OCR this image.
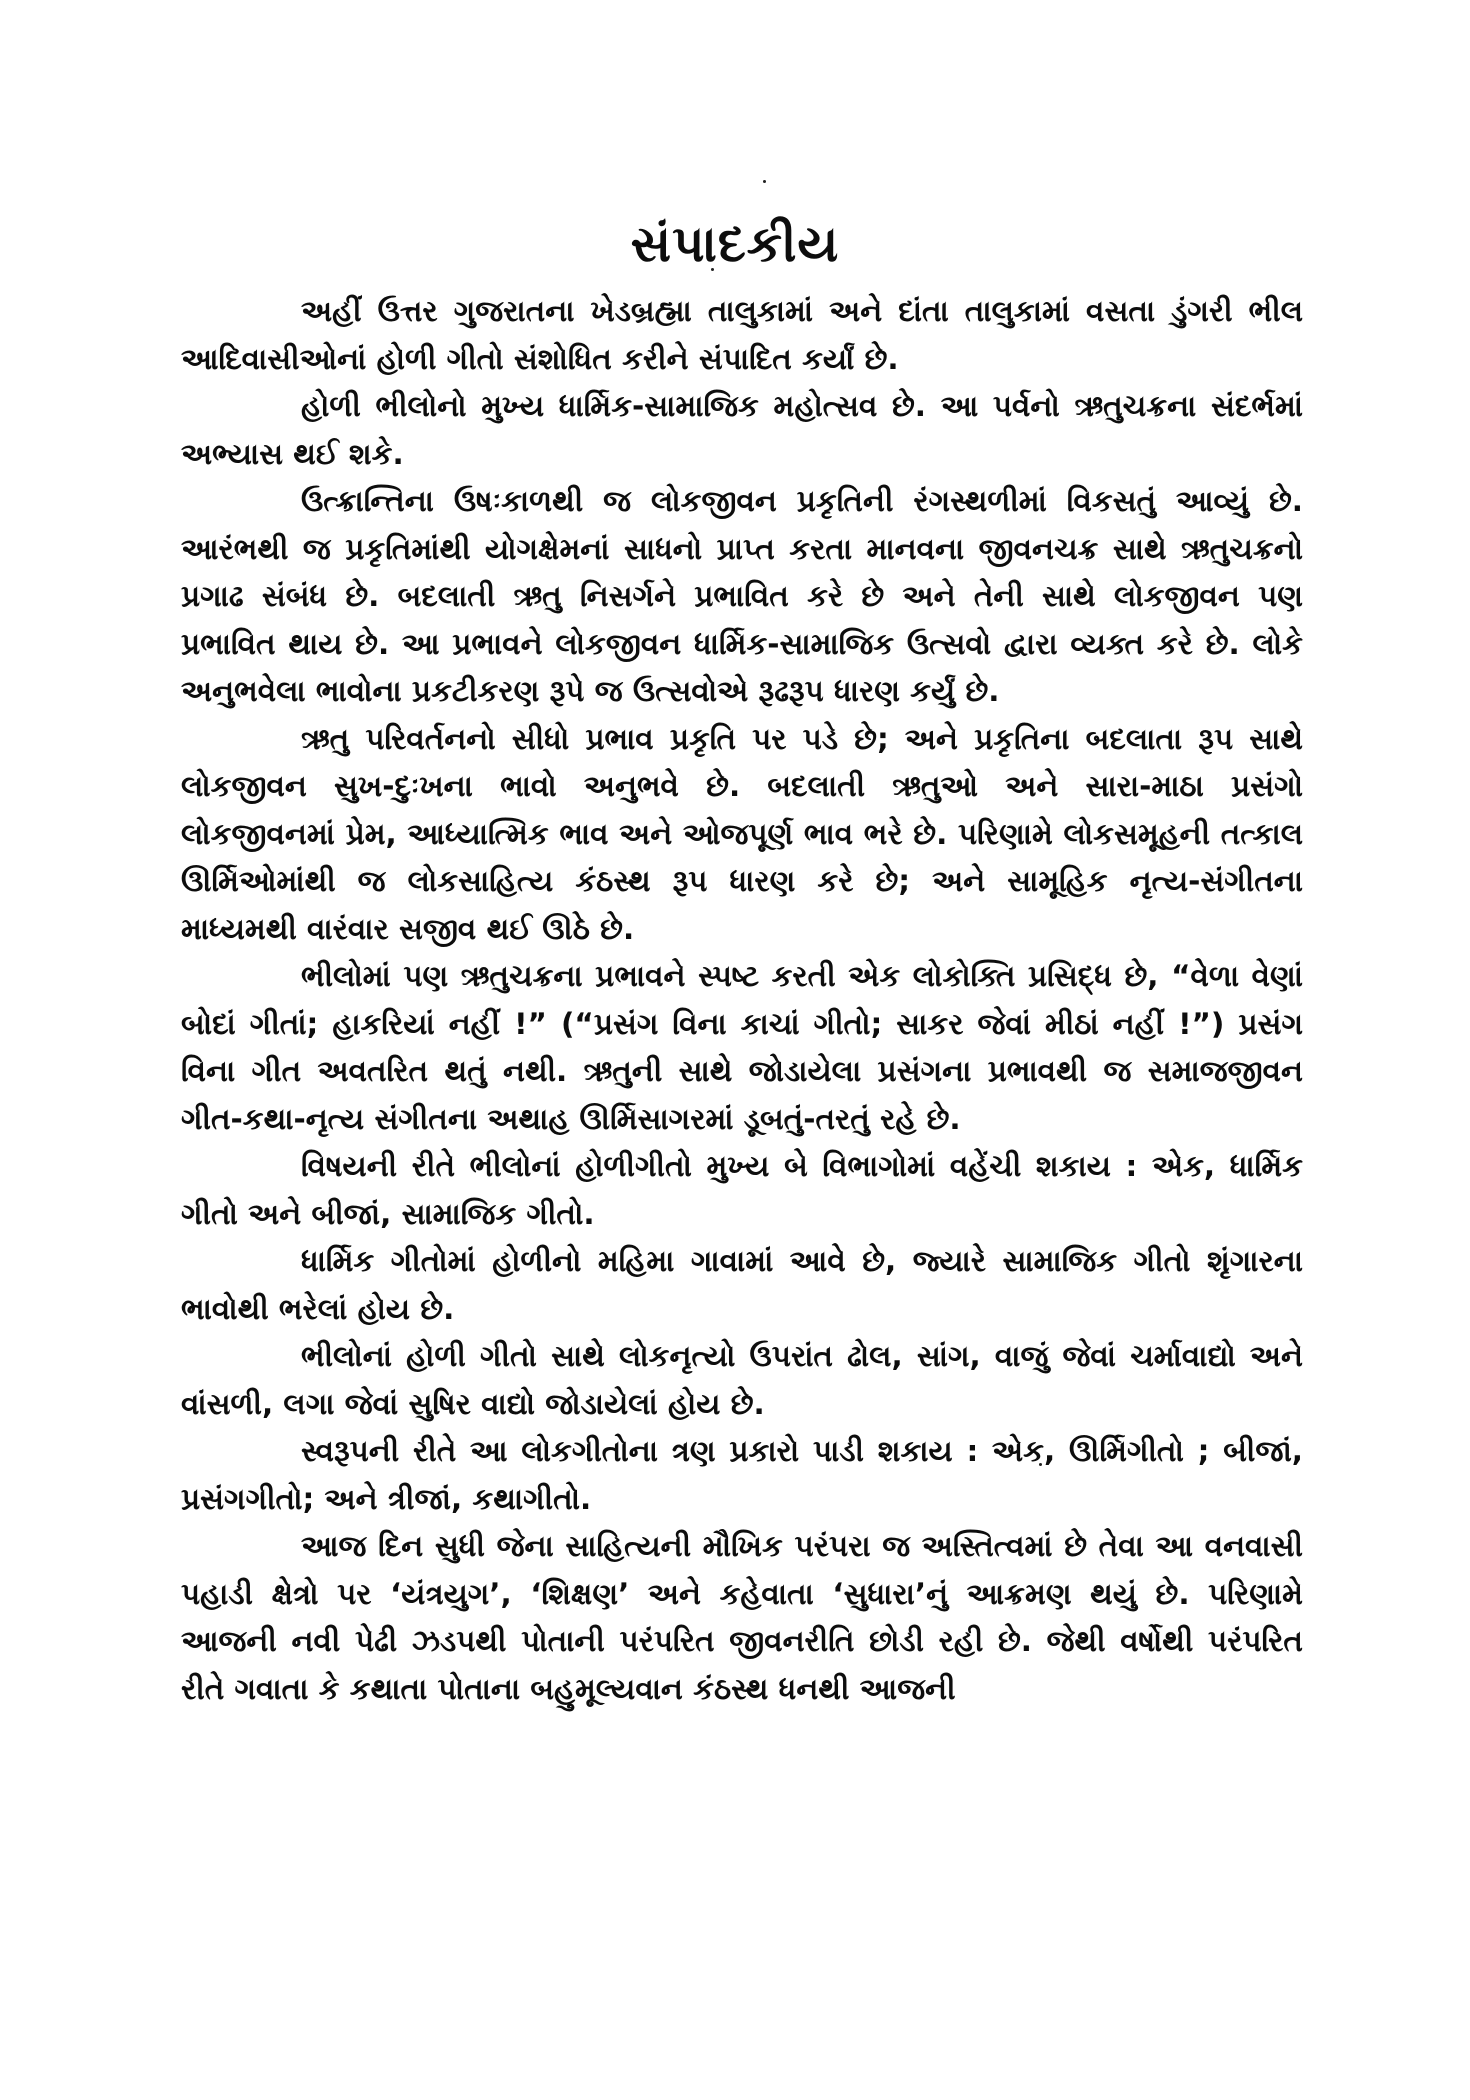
સંપાદકીય

અહીં ઉત્તર ગુજરાતના ખેડબ્રહ્મા તાલુકામાં અને દાંતા તાલુકામાં વસતા ડુંગરી ભીલ આદિવાસીઓનાં હોળી ગીતો સંશોધિત કરીને સંપાદિત કર્યાં છે.

હોળી ભીલોનો મુખ્ય ધાર્મિક-સામાજિક મહોત્સવ છે. આ પર્વનો ઋતુચક્રના સંદર્ભમાં અભ્યાસ થઈ શકે.

ઉત્ક્રાન્તિના ઉષઃકાળથી જ લોકજીવન પ્રકૃતિની રંગસ્થળીમાં વિકસતું આવ્યું છે. આરંભથી જ પ્રકૃતિમાંથી યોગક્ષેમનાં સાધનો પ્રાપ્ત કરતા માનવના જીવનચક્ર સાથે ઋતુચક્રનો પ્રગાઢ સંબંધ છે. બદલાતી ઋતુ નિસર્ગને પ્રભાવિત કરે છે અને તેની સાથે લોકજીવન પણ પ્રભાવિત થાય છે. આ પ્રભાવને લોકજીવન ધાર્મિક-સામાજિક ઉત્સવો દ્વારા વ્યક્ત કરે છે. લોકે અનુભવેલા ભાવોના પ્રકટીકરણ રૂપે જ ઉત્સવોએ રૂઢરૂપ ધારણ કર્યું છે.

ઋતુ પરિવર્તનનો સીધો પ્રભાવ પ્રકૃતિ પર પડે છે; અને પ્રકૃતિના બદલાતા રૂપ સાથે લોકજીવન સુખ-દુઃખના ભાવો અનુભવે છે. બદલાતી ઋતુઓ અને સારા-માઠા પ્રસંગો લોકજીવનમાં પ્રેમ, આધ્યાત્મિક ભાવ અને ઓજપૂર્ણ ભાવ ભરે છે. પરિણામે લોકસમૂહની તત્કાલ ઊર્મિઓમાંથી જ લોકસાહિત્ય કંઠસ્થ રૂપ ધારણ કરે છે; અને સામૂહિક નૃત્ય-સંગીતના માધ્યમથી વારંવાર સજીવ થઈ ઊઠે છે.

ભીલોમાં પણ ઋતુચક્રના પ્રભાવને સ્પષ્ટ કરતી એક લોકોક્તિ પ્રસિદ્ધ છે, “વેળા વેણાં બોદાં ગીતાં; હાકરિયાં નહીં !” (“પ્રસંગ વિના કાચાં ગીતો; સાકર જેવાં મીઠાં નહીં !”) પ્રસંગ વિના ગીત અવતરિત થતું નથી. ઋતુની સાથે જોડાયેલા પ્રસંગના પ્રભાવથી જ સમાજજીવન ગીત-કથા-નૃત્ય સંગીતના અથાહ ઊર્મિસાગરમાં ડૂબતું-તરતું રહે છે.

વિષયની રીતે ભીલોનાં હોળીગીતો મુખ્ય બે વિભાગોમાં વહેંચી શકાય : એક, ધાર્મિક ગીતો અને બીજાં, સામાજિક ગીતો.

ધાર્મિક ગીતોમાં હોળીનો મહિમા ગાવામાં આવે છે, જ્યારે સામાજિક ગીતો શૃંગારના ભાવોથી ભરેલાં હોય છે.

ભીલોનાં હોળી ગીતો સાથે લોકનૃત્યો ઉપરાંત ઢોલ, સાંગ, વાજું જેવાં ચર્માવાદ્યો અને વાંસળી, લગા જેવાં સુષિર વાદ્યો જોડાયેલાં હોય છે.

સ્વરૂપની રીતે આ લોકગીતોના ત્રણ પ્રકારો પાડી શકાય : એક, ઊર્મિગીતો ; બીજાં, પ્રસંગગીતો; અને ત્રીજાં, કથાગીતો.

આજ દિન સુધી જેના સાહિત્યની મૌખિક પરંપરા જ અસ્તિત્વમાં છે તેવા આ વનવાસી પહાડી ક્ષેત્રો પર ‘યંત્રયુગ’, ‘શિક્ષણ’ અને કહેવાતા ‘સુધારા’નું આક્રમણ થયું છે. પરિણામે આજની નવી પેઢી ઝડપથી પોતાની પરંપરિત જીવનરીતિ છોડી રહી છે. જેથી વર્ષોથી પરંપરિત રીતે ગવાતા કે કથાતા પોતાના બહુમૂલ્યવાન કંઠસ્થ ધનથી આજની
